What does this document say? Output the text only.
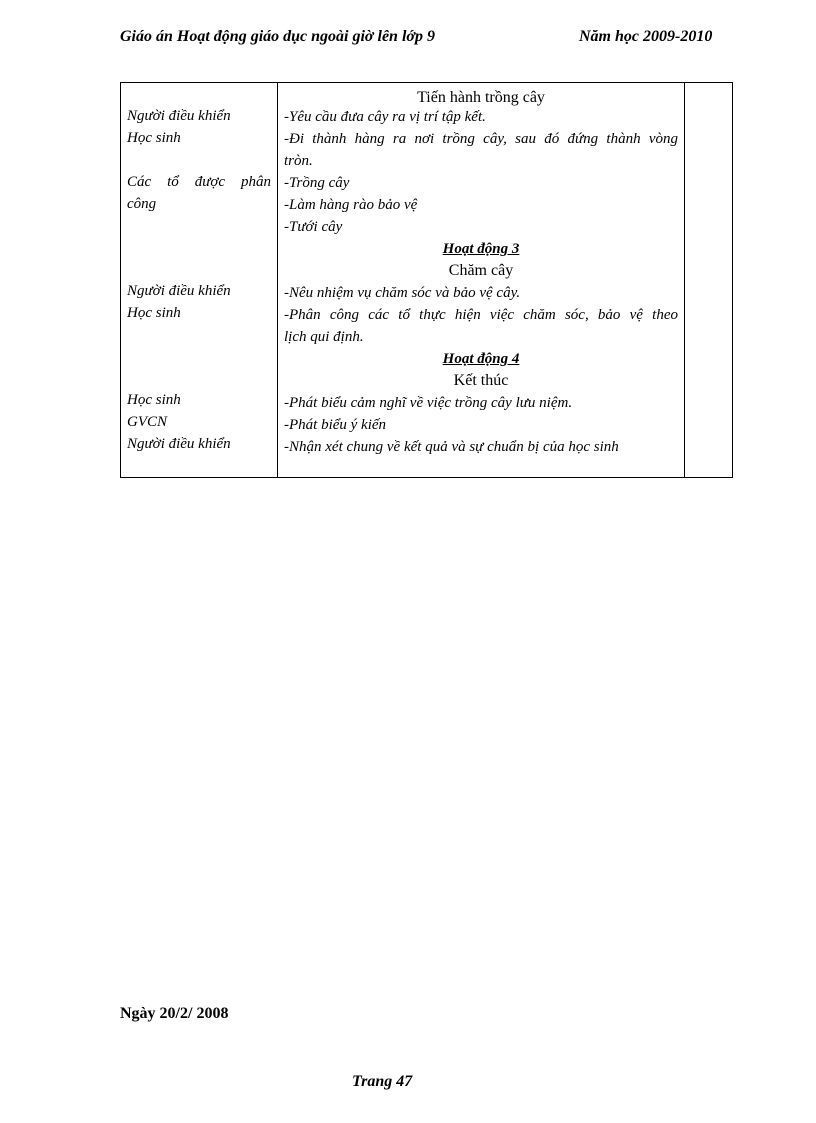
Giáo án Hoạt động giáo dục ngoài giờ lên lớp 9	Năm học 2009-2010
Người điều khiển
Học sinh
Các tổ được phân
công
Người điều khiển
Học sinh
Học sinh
GVCN
Người điều khiển
Tiến hành trồng cây
-Yêu cầu đưa cây ra vị trí tập kết.
-Đi thành hàng ra nơi trồng cây, sau đó đứng thành vòng
tròn.
-Trồng cây
-Làm hàng rào bảo vệ
-Tưới cây
Hoạt động 3
Chăm cây
-Nêu nhiệm vụ chăm sóc và bảo vệ cây.
-Phân công các tổ thực hiện việc chăm sóc, bảo vệ theo
lịch qui định.
Hoạt động 4
Kết thúc
-Phát biểu cảm nghĩ về việc trồng cây lưu niệm.
-Phát biểu ý kiến
-Nhận xét chung về kết quả và sự chuẩn bị của học sinh
Ngày 20/2/ 2008
Trang 47
